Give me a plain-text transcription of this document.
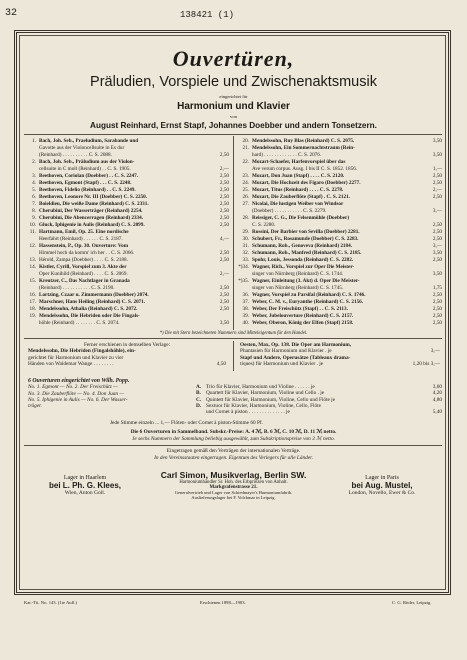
32	138421 (1)
Ouvertüren,
Präludien, Vorspiele und Zwischenaktsmusik
eingerichtet für
Harmonium und Klavier
von
August Reinhard, Ernst Stapf, Johannes Doebber und andern Tonsetzern.
1. Bach, Joh. Seb., Praeludium, Sarabande und
Gavotte aus der Violoncellsuite in Es dur
(Reinhard) . . . . . . . . . . C. S. 2088.	2,50
2. Bach, Joh. Seb., Präludium aus der Violon-
cellsuite in C moll (Reinhard) . . C. S. 1905.	2,—
3. Beethoven, Coriolan (Doebber) . . C. S. 2247.	2,50
4. Beethoven, Egmont (Stapf) . . . C. S. 2248.	2,50
5. Beethoven, Fidelio (Reinhard) . . C. S. 2249.	2,50
6. Beethoven, Leonore Nr. III (Doebber) C. S. 2250.	2,50
7. Boieldieu, Die weiße Dame (Reinhard) C. S. 2331.	2,50
8. Cherubini, Der Wasserträger (Reinhard) 2254.	2,50
9. Cherubini, Die Abencerragen (Reinhard) 2334.	2,50
10. Gluck, Iphigenie in Aulis (Reinhard) C. S. 2099.	2,50
11. Hartmann, Emil, Op. 25. Eine nordische
Heerfahrt (Reinhard) . . . . . . C. S. 2187.	4,—
12. Hassenstein, P., Op. 30. Ouverture: Vom
Himmel hoch da komm' ich her . . C. S. 2066.	2,50
13. Hérold, Zampa (Doebber) . . . . C. S. 2188.	2,50
14. Kistler, Cyrill, Vorspiel zum 3. Akte der
Oper Kunihild (Reinhard) . . . . C. S. 2069.	2,—
15. Kreutzer, C., Das Nachtlager in Granada
(Reinhard) . . . . . . . . . . . C. S. 2190.	2,50
16. Lortzing, Czaar u. Zimmermann (Doebber) 2074.	2,50
17. Marschner, Hans Heiling (Reinhard) C. S. 2071.	2,50
18. Mendelssohn, Athalia (Reinhard) C. S. 2072.	2,50
19. Mendelssohn, Die Hebriden oder Die Fingals-
höhle (Reinhard) . . . . . . . . C. S. 2074.	3,50
20. Mendelssohn, Ruy Blas (Reinhard) C. S. 2075.	3,50
21. Mendelssohn, Ein Sommernachtstraum (Rein-
hard) . . . . . . . . . . . . . C. S. 2076.	3,50
22. Mozart-Schaefer, Harfenvorspiel über das
Ave verum corpus. Ausg. I bis II C. S. 1852. 1856.	1,—
23. Mozart, Don Juan (Stapf) . . . . C. S. 2120.	2,50
24. Mozart, Die Hochzeit des Figaro (Doebber) 2277.	2,50
25. Mozart, Titus (Reinhard) . . . . C. S. 2278.	2,—
26. Mozart, Die Zauberflöte (Stapf) . C. S. 2121.	2,50
27. Nicolai, Die lustigen Weiber von Windsor
(Doebber) . . . . . . . . . . . C. S. 2279.	3,—
28. Reissiger, C. G., Die Felsenmühle (Doebber)
C. S. 2280.	2,50
29. Rossini, Der Barbier von Sevilla (Doebber) 2281.	2,50
30. Schubert, Fr., Rosamunde (Doebber) C. S. 2283.	2,50
31. Schumann, Rob., Genoveva (Reinhard) 2184.	3,—
32. Schumann, Rob., Manfred (Reinhard) C. S. 2185.	3,50
33. Spohr, Louis, Jessonda (Reinhard) C. S. 2282.	2,50
*)34. Wagner, Rich., Vorspiel zur Oper Die Meister-
singer von Nürnberg (Reinhard) C. S. 1744.	3,50
*)35. Wagner, Einleitung (3. Akt) d. Oper Die Meister-
singer von Nürnberg (Reinhard) C. S. 1745.	1,75
36. Wagner, Vorspiel zu Parsifal (Reinhard) C. S. 1746.	2,50
37. Weber, C. M. v., Euryanthe (Reinhard) C. S. 2156.	2,50
38. Weber, Der Freischütz (Stapf) . . C. S. 2113.	2,50
39. Weber, Jubelouverture (Reinhard) C. S. 2157.	2,50
40. Weber, Oberon, König der Elfen (Stapf) 2158.	2,50
*) Die mit Stern bezeichneten Nummern sind Mitteleigentum für den Handel.
Ferner erschienen in demselben Verlage:
Mendelssohn, Die Hebriden (Fingalshöhle), ein-
gerichtet für Harmonium und Klavier zu vier
Händen von Waldemar Wange . . . . . . . .	4,50
Oesten, Max, Op. 138. Die Oper am Harmonium,
Phantasien für Harmonium und Klavier . je	3,—
Stapf und Andere, Operusätze (Tableaux drama-
tiques) für Harmonium und Klavier . je	1,20 bis 3,—
6 Ouverturen eingerichtet von Wilh. Popp.
No. 1. Egmont — No. 2. Der Freischütz —
No. 3. Die Zauberflöte — No. 4. Don Juan —
No. 5. Iphigenie in Aulis — No. 6. Der Wasser-
träger.
A. Trio für Klavier, Harmonium und Violine . . . . . . je	3,60
B. Quartett für Klavier, Harmonium, Violine und Cello . je	4,20
C. Quintett für Klavier, Harmonium, Violine, Cello und Flöte je	4,80
D. Sextuor für Klavier, Harmonium, Violine, Cello, Flöte
und Cornet à piston . . . . . . . . . . . . . . je	5,40
Jede Stimme einzeln ... 1,— Flöten- oder Cornet à piston-Stimme 60 Pf.
Die 6 Ouverturen in Sammelband. Subskr.-Preise: A. 4 ℳ, B. 6 ℳ, C. 10 ℳ, D. 11 ℳ netto.
Je sechs Nummern der Sammlung beliebig ausgewählt, zum Subskriptionspreise von 3 ℳ netto.
Eingetragen gemäß den Verträgen der internationalen Verträge.
In den Vereinsstaaten eingetragen. Eigentum des Verlegers für alle Länder.
Lager in Haarlem
bei L. Ph. G. Klees,
Wien, Anton Goll.
Carl Simon, Musikverlag, Berlin SW.
Harmoniumhändler Sr. Hoh. des Erbprinzen von Anhalt.
Markgrafenstrasse 21.
Generalvertrieb und Lager von Schiedmayer's Harmoniumfabrik.
Auslieferungslager bei F. Volckmar in Leipzig.
Lager in Paris
bei Aug. Mustel,
London, Novello, Ewer & Co.
Kat.-Tit. No. 143. (1te Aufl.)	Erschienen 1898—1903.	C. G. Röder, Leipzig.
